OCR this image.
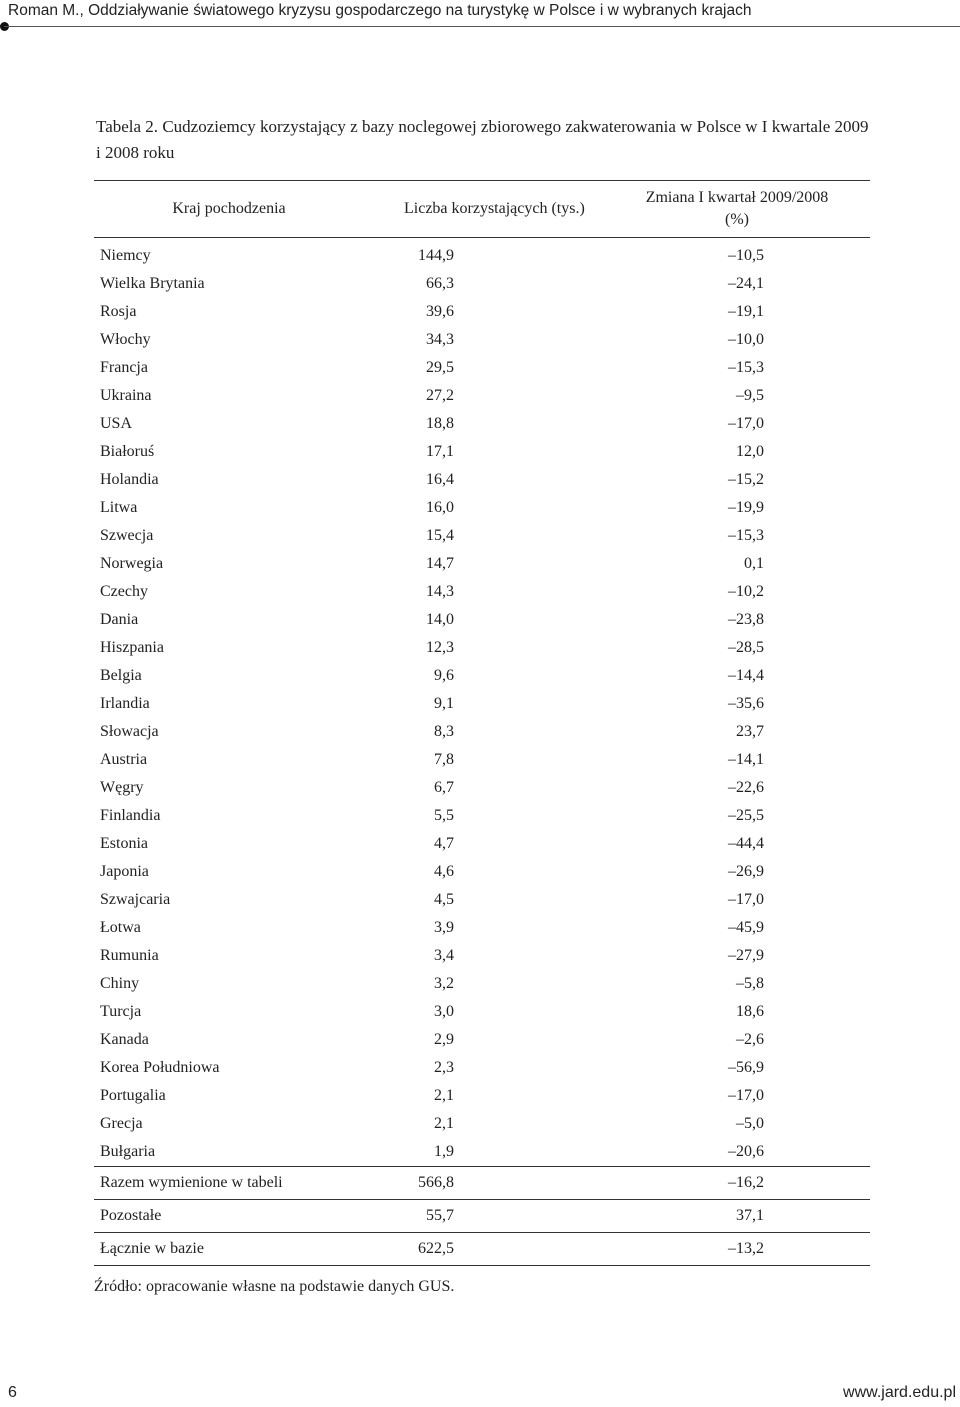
Roman M., Oddziaływanie światowego kryzysu gospodarczego na turystykę w Polsce i w wybranych krajach
Tabela 2. Cudzoziemcy korzystający z bazy noclegowej zbiorowego zakwaterowania w Polsce w I kwartale 2009 i 2008 roku
Kraj pochodzenia	Liczba korzystających (tys.)	Zmiana I kwartał 2009/2008
(%)
Niemcy	144,9	–10,5
Wielka Brytania	66,3	–24,1
Rosja	39,6	–19,1
Włochy	34,3	–10,0
Francja	29,5	–15,3
Ukraina	27,2	–9,5
USA	18,8	–17,0
Białoruś	17,1	12,0
Holandia	16,4	–15,2
Litwa	16,0	–19,9
Szwecja	15,4	–15,3
Norwegia	14,7	0,1
Czechy	14,3	–10,2
Dania	14,0	–23,8
Hiszpania	12,3	–28,5
Belgia	9,6	–14,4
Irlandia	9,1	–35,6
Słowacja	8,3	23,7
Austria	7,8	–14,1
Węgry	6,7	–22,6
Finlandia	5,5	–25,5
Estonia	4,7	–44,4
Japonia	4,6	–26,9
Szwajcaria	4,5	–17,0
Łotwa	3,9	–45,9
Rumunia	3,4	–27,9
Chiny	3,2	–5,8
Turcja	3,0	18,6
Kanada	2,9	–2,6
Korea Południowa	2,3	–56,9
Portugalia	2,1	–17,0
Grecja	2,1	–5,0
Bułgaria	1,9	–20,6
Razem wymienione w tabeli	566,8	–16,2
Pozostałe	55,7	37,1
Łącznie w bazie	622,5	–13,2
Źródło: opracowanie własne na podstawie danych GUS.
6	www.jard.edu.pl
